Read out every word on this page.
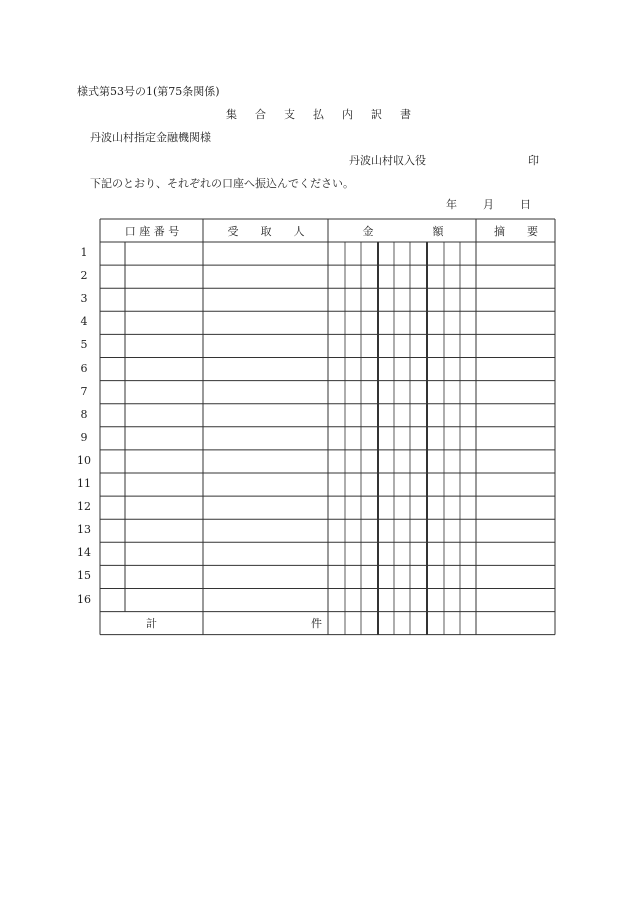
様式第53号の1(第75条関係)
集 合 支 払 内 訳 書
丹波山村指定金融機関様
丹波山村収入役	印
下記のとおり、それぞれの口座へ振込んでください。
年 月 日
口 座 番 号	受　　取　　人	金	額	摘　　要
1
2
3
4
5
6
7
8
9
10
11
12
13
14
15
16
計	件
